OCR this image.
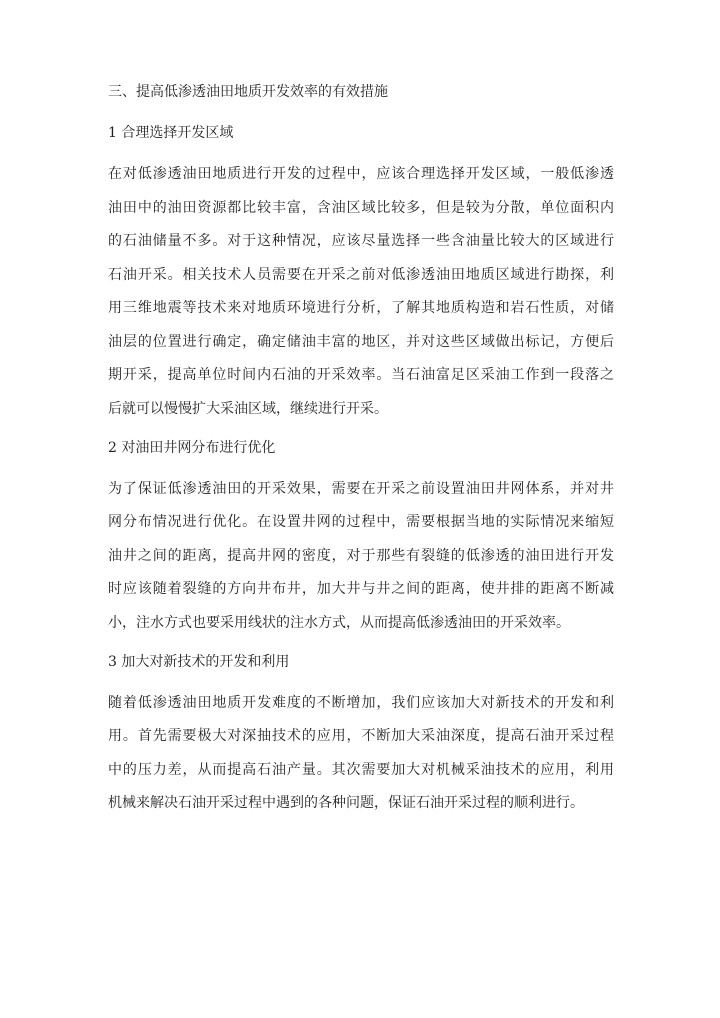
三、提高低渗透油田地质开发效率的有效措施

1 合理选择开发区域

在对低渗透油田地质进行开发的过程中，应该合理选择开发区域，一般低渗透
油田中的油田资源都比较丰富，含油区域比较多，但是较为分散，单位面积内
的石油储量不多。对于这种情况，应该尽量选择一些含油量比较大的区域进行
石油开采。相关技术人员需要在开采之前对低渗透油田地质区域进行勘探，利
用三维地震等技术来对地质环境进行分析，了解其地质构造和岩石性质，对储
油层的位置进行确定，确定储油丰富的地区，并对这些区域做出标记，方便后
期开采，提高单位时间内石油的开采效率。当石油富足区采油工作到一段落之
后就可以慢慢扩大采油区域，继续进行开采。

2 对油田井网分布进行优化

为了保证低渗透油田的开采效果，需要在开采之前设置油田井网体系，并对井
网分布情况进行优化。在设置井网的过程中，需要根据当地的实际情况来缩短
油井之间的距离，提高井网的密度，对于那些有裂缝的低渗透的油田进行开发
时应该随着裂缝的方向井布井，加大井与井之间的距离，使井排的距离不断减
小，注水方式也要采用线状的注水方式，从而提高低渗透油田的开采效率。

3 加大对新技术的开发和利用

随着低渗透油田地质开发难度的不断增加，我们应该加大对新技术的开发和利
用。首先需要极大对深抽技术的应用，不断加大采油深度，提高石油开采过程
中的压力差，从而提高石油产量。其次需要加大对机械采油技术的应用，利用
机械来解决石油开采过程中遇到的各种问题，保证石油开采过程的顺利进行。
